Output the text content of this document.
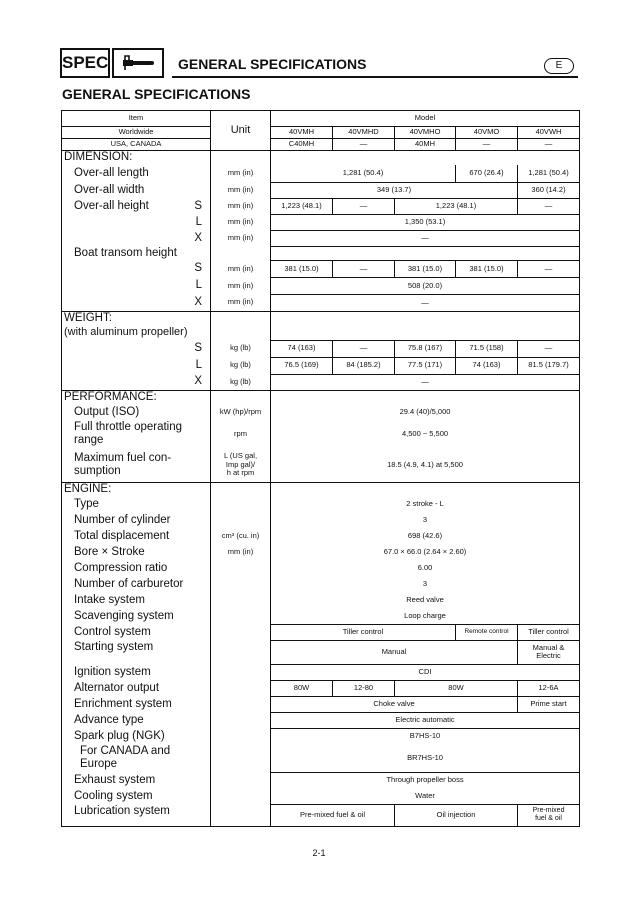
SPEC	GENERAL SPECIFICATIONS	E
GENERAL SPECIFICATIONS
Item	Unit	Model				
Worldwide		40VMH	40VMHD	40VMHO	40VMO	40VWH
USA, CANADA		C40MH	—	40MH	—	—
DIMENSION:						
Over-all length	mm (in)	1,281 (50.4)			670 (26.4)	1,281 (50.4)
Over-all width	mm (in)	349 (13.7)				360 (14.2)
Over-all height S	mm (in)	1,223 (48.1)	—	1,223 (48.1)		—

L	mm (in)	1,350 (53.1)				

X	mm (in)	—				
Boat transom height						

S	mm (in)	381 (15.0)	—	381 (15.0)	381 (15.0)	—

L	mm (in)	508 (20.0)				

X	mm (in)	—				
WEIGHT:						
(with aluminum propeller)						

S	kg (lb)	74 (163)	—	75.8 (167)	71.5 (158)	—

L	kg (lb)	76.5 (169)	84 (185.2)	77.5 (171)	74 (163)	81.5 (179.7)

X	kg (lb)	—				
PERFORMANCE:						
Output (ISO)	kW (hp)/rpm	29.4 (40)/5,000				
Full throttle operating
range	rpm	4,500 ~ 5,500				
Maximum fuel con-
sumption	L (US gal,
Imp gal)/
h at rpm	18.5 (4.9, 4.1) at 5,500				
ENGINE:						
Type		2 stroke - L				
Number of cylinder		3				
Total displacement	cm³ (cu. in)	698 (42.6)				
Bore × Stroke	mm (in)	67.0 × 66.0 (2.64 × 2.60)				
Compression ratio		6.00				
Number of carburetor		3				
Intake system		Reed valve				
Scavenging system		Loop charge				
Control system		Tiller control			Remote control	Tiller control
Starting system		Manual				Manual &
Electric
Ignition system		CDI				
Alternator output		80W	12-80	80W		12-6A
Enrichment system		Choke valve				Prime start
Advance type		Electric automatic				
Spark plug (NGK)		B7HS-10				
For CANADA and
Europe		BR7HS-10				
Exhaust system		Through propeller boss				
Cooling system		Water				
Lubrication system		Pre-mixed fuel & oil		Oil injection		Pre-mixed
fuel & oil
2-1
